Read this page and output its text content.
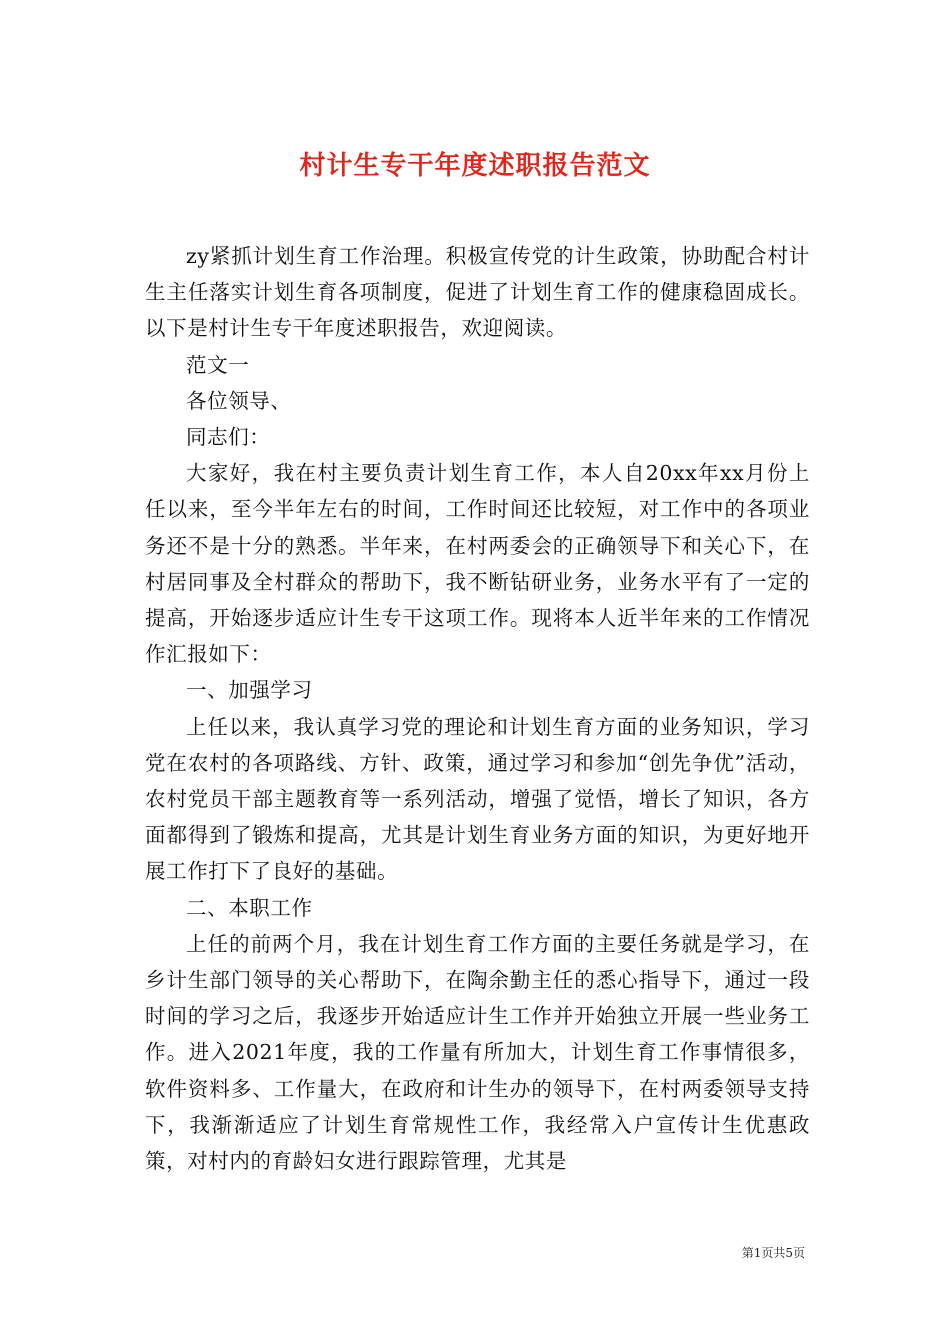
村计生专干年度述职报告范文

zy紧抓计划生育工作治理。积极宣传党的计生政策，协助配合村计生主任落实计划生育各项制度，促进了计划生育工作的健康稳固成长。以下是村计生专干年度述职报告，欢迎阅读。

范文一

各位领导、

同志们：

大家好，我在村主要负责计划生育工作，本人自20xx年xx月份上任以来，至今半年左右的时间，工作时间还比较短，对工作中的各项业务还不是十分的熟悉。半年来，在村两委会的正确领导下和关心下，在村居同事及全村群众的帮助下，我不断钻研业务，业务水平有了一定的提高，开始逐步适应计生专干这项工作。现将本人近半年来的工作情况作汇报如下：

一、加强学习

上任以来，我认真学习党的理论和计划生育方面的业务知识，学习党在农村的各项路线、方针、政策，通过学习和参加“创先争优”活动，农村党员干部主题教育等一系列活动，增强了觉悟，增长了知识，各方面都得到了锻炼和提高，尤其是计划生育业务方面的知识，为更好地开展工作打下了良好的基础。

二、本职工作

上任的前两个月，我在计划生育工作方面的主要任务就是学习，在乡计生部门领导的关心帮助下，在陶余勤主任的悉心指导下，通过一段时间的学习之后，我逐步开始适应计生工作并开始独立开展一些业务工作。进入2021年度，我的工作量有所加大，计划生育工作事情很多，软件资料多、工作量大，在政府和计生办的领导下，在村两委领导支持下，我渐渐适应了计划生育常规性工作，我经常入户宣传计生优惠政策，对村内的育龄妇女进行跟踪管理，尤其是

第1页共5页
